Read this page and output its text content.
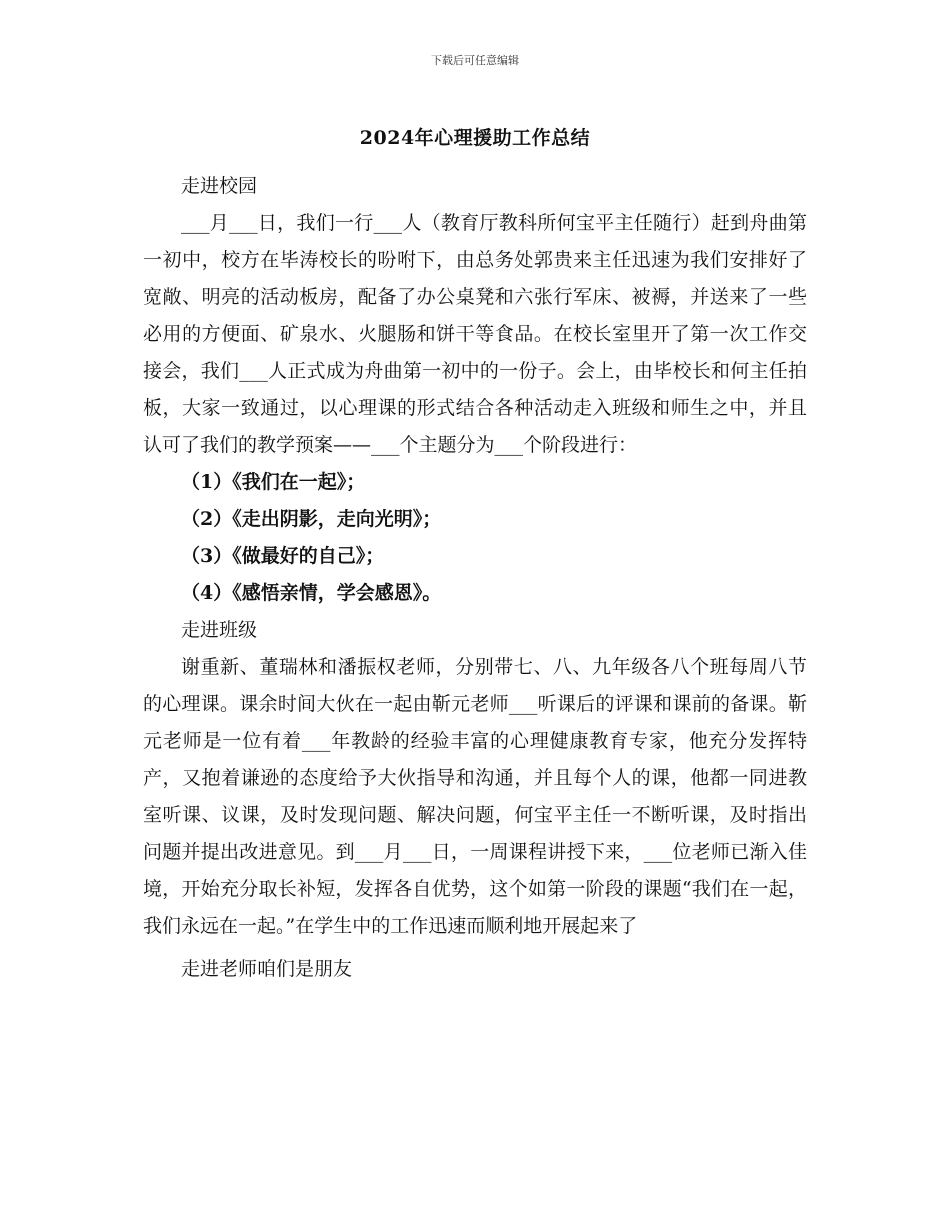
下载后可任意编辑
2024年心理援助工作总结

走进校园

___月___日，我们一行___人（教育厅教科所何宝平主任随行）赶到舟曲第一初中，校方在毕涛校长的吩咐下，由总务处郭贵来主任迅速为我们安排好了宽敞、明亮的活动板房，配备了办公桌凳和六张行军床、被褥，并送来了一些必用的方便面、矿泉水、火腿肠和饼干等食品。在校长室里开了第一次工作交接会，我们___人正式成为舟曲第一初中的一份子。会上，由毕校长和何主任拍板，大家一致通过，以心理课的形式结合各种活动走入班级和师生之中，并且认可了我们的教学预案——___个主题分为___个阶段进行：

（1）《我们在一起》；

（2）《走出阴影，走向光明》；

（3）《做最好的自己》；

（4）《感悟亲情，学会感恩》。

走进班级

谢重新、董瑞林和潘振权老师，分别带七、八、九年级各八个班每周八节的心理课。课余时间大伙在一起由靳元老师___听课后的评课和课前的备课。靳元老师是一位有着___年教龄的经验丰富的心理健康教育专家，他充分发挥特产，又抱着谦逊的态度给予大伙指导和沟通，并且每个人的课，他都一同进教室听课、议课，及时发现问题、解决问题，何宝平主任一不断听课，及时指出问题并提出改进意见。到___月___日，一周课程讲授下来，___位老师已渐入佳境，开始充分取长补短，发挥各自优势，这个如第一阶段的课题“我们在一起，我们永远在一起。”在学生中的工作迅速而顺利地开展起来了

走进老师咱们是朋友
